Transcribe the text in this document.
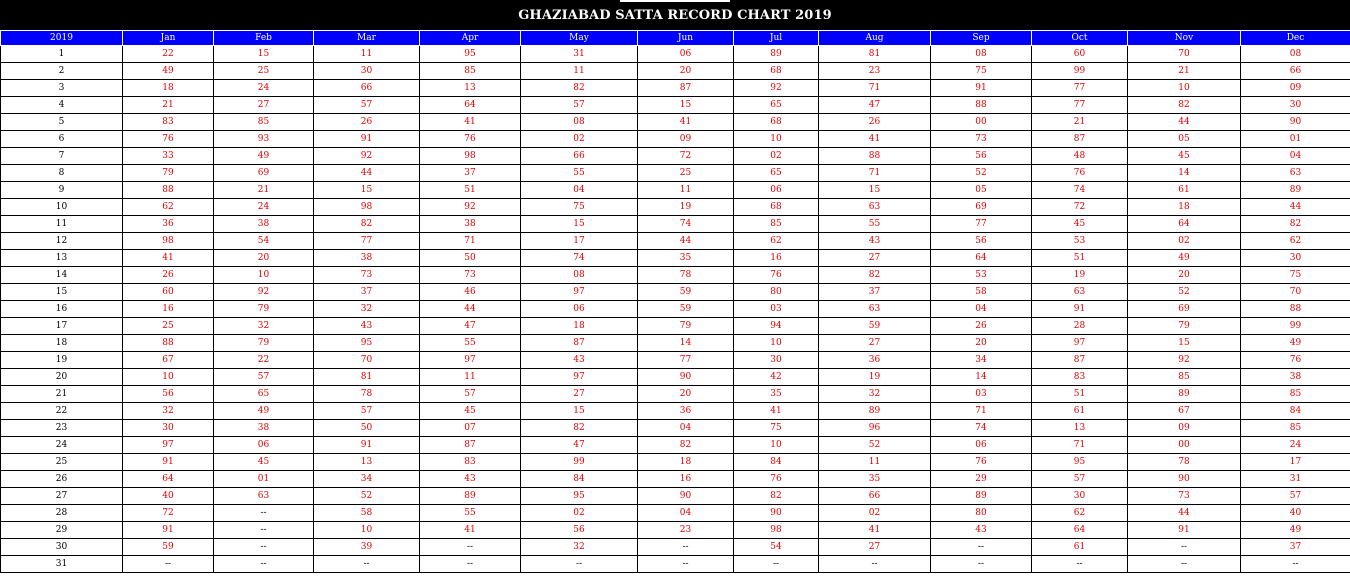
GHAZIABAD SATTA RECORD CHART 2019
2019	Jan	Feb	Mar	Apr	May	Jun	Jul	Aug	Sep	Oct	Nov	Dec
1	22	15	11	95	31	06	89	81	08	60	70	08
2	49	25	30	85	11	20	68	23	75	99	21	66
3	18	24	66	13	82	87	92	71	91	77	10	09
4	21	27	57	64	57	15	65	47	88	77	82	30
5	83	85	26	41	08	41	68	26	00	21	44	90
6	76	93	91	76	02	09	10	41	73	87	05	01
7	33	49	92	98	66	72	02	88	56	48	45	04
8	79	69	44	37	55	25	65	71	52	76	14	63
9	88	21	15	51	04	11	06	15	05	74	61	89
10	62	24	98	92	75	19	68	63	69	72	18	44
11	36	38	82	38	15	74	85	55	77	45	64	82
12	98	54	77	71	17	44	62	43	56	53	02	62
13	41	20	38	50	74	35	16	27	64	51	49	30
14	26	10	73	73	08	78	76	82	53	19	20	75
15	60	92	37	46	97	59	80	37	58	63	52	70
16	16	79	32	44	06	59	03	63	04	91	69	88
17	25	32	43	47	18	79	94	59	26	28	79	99
18	88	79	95	55	87	14	10	27	20	97	15	49
19	67	22	70	97	43	77	30	36	34	87	92	76
20	10	57	81	11	97	90	42	19	14	83	85	38
21	56	65	78	57	27	20	35	32	03	51	89	85
22	32	49	57	45	15	36	41	89	71	61	67	84
23	30	38	50	07	82	04	75	96	74	13	09	85
24	97	06	91	87	47	82	10	52	06	71	00	24
25	91	45	13	83	99	18	84	11	76	95	78	17
26	64	01	34	43	84	16	76	35	29	57	90	31
27	40	63	52	89	95	90	82	66	89	30	73	57
28	72	--	58	55	02	04	90	02	80	62	44	40
29	91	--	10	41	56	23	98	41	43	64	91	49
30	59	--	39	--	32	--	54	27	--	61	--	37
31	--	--	--	--	--	--	--	--	--	--	--	--
